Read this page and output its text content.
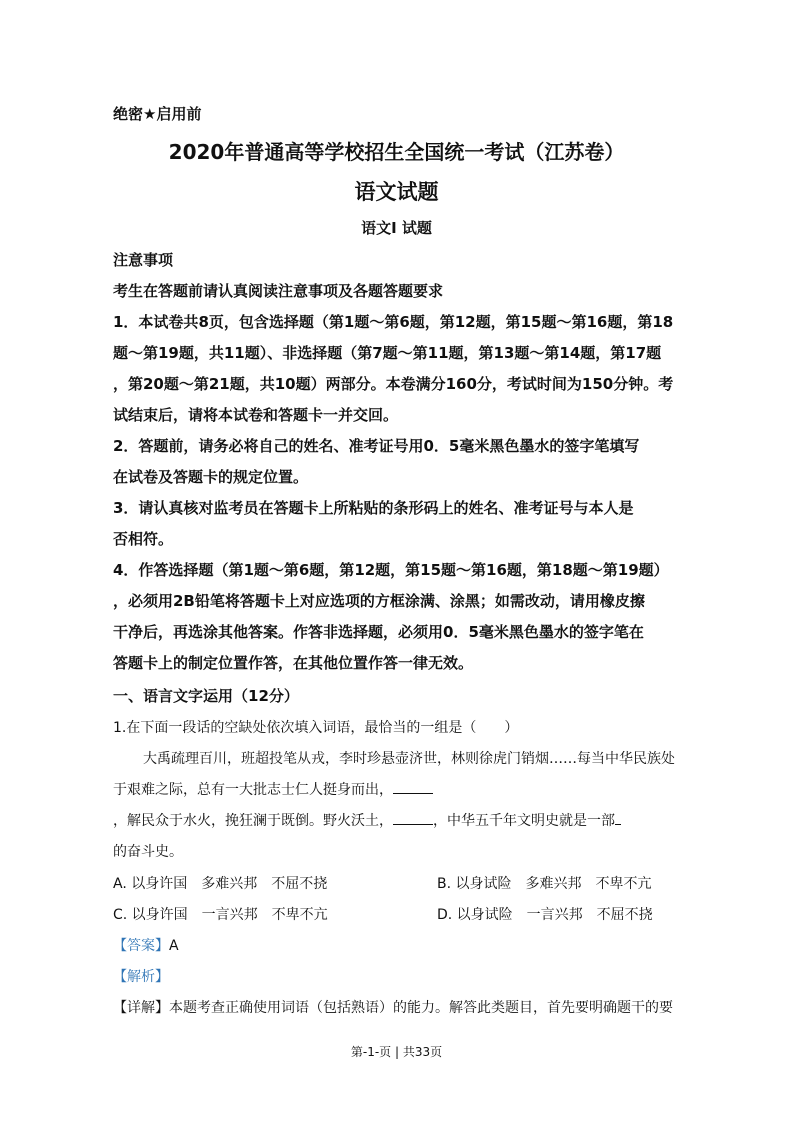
绝密★启用前
2020年普通高等学校招生全国统一考试（江苏卷）
语文试题
语文I 试题
注意事项
考生在答题前请认真阅读注意事项及各题答题要求
1．本试卷共8页，包含选择题（第1题～第6题，第12题，第15题～第16题，第18
题～第19题，共11题）、非选择题（第7题～第11题，第13题～第14题，第17题
，第20题～第21题，共10题）两部分。本卷满分160分，考试时间为150分钟。考
试结束后，请将本试卷和答题卡一并交回。
2．答题前，请务必将自己的姓名、准考证号用0．5毫米黑色墨水的签字笔填写
在试卷及答题卡的规定位置。
3．请认真核对监考员在答题卡上所粘贴的条形码上的姓名、准考证号与本人是
否相符。
4．作答选择题（第1题～第6题，第12题，第15题～第16题，第18题～第19题）
，必须用2B铅笔将答题卡上对应选项的方框涂满、涂黑；如需改动，请用橡皮擦
干净后，再选涂其他答案。作答非选择题，必须用0．5毫米黑色墨水的签字笔在
答题卡上的制定位置作答，在其他位置作答一律无效。
一、语言文字运用（12分）
1.在下面一段话的空缺处依次填入词语，最恰当的一组是（　　）
大禹疏理百川，班超投笔从戎，李时珍悬壶济世，林则徐虎门销烟……每当中华民族处
于艰难之际，总有一大批志士仁人挺身而出，
，解民众于水火，挽狂澜于既倒。野火沃土，	，中华五千年文明史就是一部
的奋斗史。
A. 以身许国　多难兴邦　不屈不挠	B. 以身试险　多难兴邦　不卑不亢
C. 以身许国　一言兴邦　不卑不亢	D. 以身试险　一言兴邦　不屈不挠
【答案】A
【解析】
【详解】本题考查正确使用词语（包括熟语）的能力。解答此类题目，首先要明确题干的要
第-1-页 | 共33页
